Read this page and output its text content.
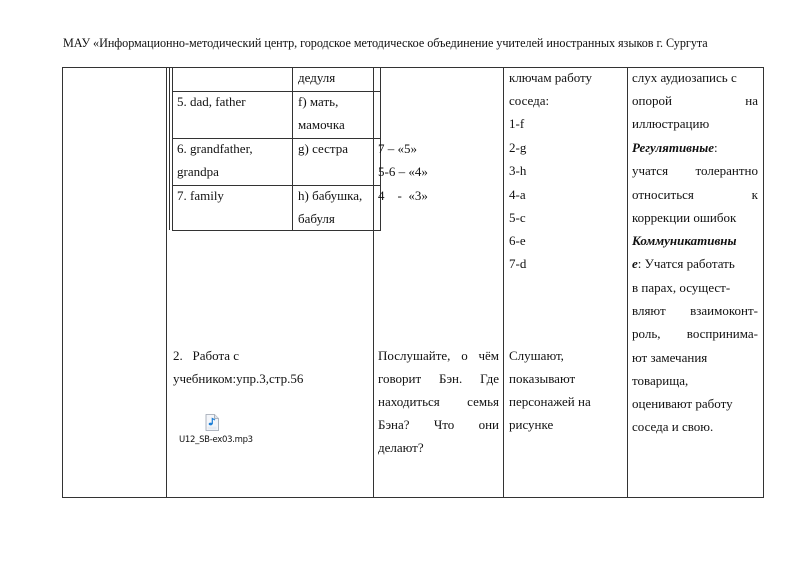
МАУ «Информационно-методический центр, городское методическое объединение учителей иностранных языков г. Сургута
дедуля
5. dad, father	f) мать,
мамочка
6. grandfather,
grandpa
g) сестра
7. family	h) бабушка,
бабуля
7 – «5»
5-6 – «4»
4    -  «3»
ключам работу
соседа:
1-f
2-g
3-h
4-a
5-c
6-e
7-d
слух аудиозапись с
опорой на
иллюстрацию
Регулятивные:
учатся толерантно
относиться к
коррекции ошибок
Коммуникативны
е: Учатся работать
в парах, осущест-
вляют взаимоконт-
роль, воспринима-
ют замечания
товарища,
оценивают работу
соседа и свою.
2.   Работа с
учебником:упр.3,стр.56
U12_SB-ex03.mp3
Послушайте, о чём
говорит Бэн. Где
находиться семья
Бэна? Что они
делают?
Слушают,
показывают
персонажей на
рисунке
